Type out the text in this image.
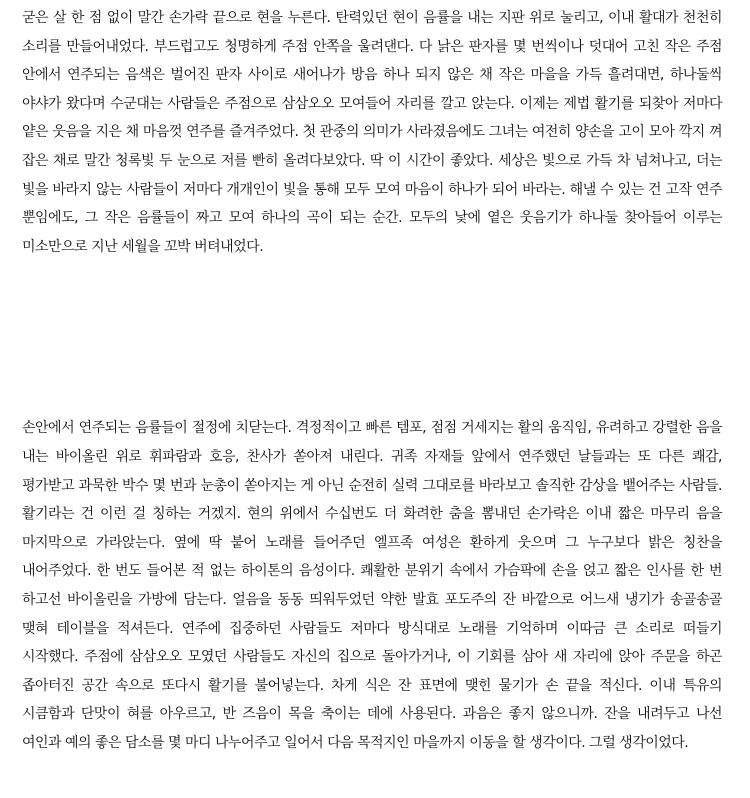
굳은 살 한 점 없이 말간 손가락 끝으로 현을 누른다. 탄력있던 현이 음률을 내는 지판 위로 눌리고, 이내 활대가 천천히 소리를 만들어내었다. 부드럽고도 청명하게 주점 안쪽을 울려댄다. 다 낡은 판자를 몇 번씩이나 덧대어 고친 작은 주점 안에서 연주되는 음색은 벌어진 판자 사이로 새어나가 방음 하나 되지 않은 채 작은 마을을 가득 흘려대면, 하나둘씩 야샤가 왔다며 수군대는 사람들은 주점으로 삼삼오오 모여들어 자리를 깔고 앉는다. 이제는 제법 활기를 되찾아 저마다 얕은 웃음을 지은 채 마음껏 연주를 즐겨주었다. 첫 관중의 의미가 사라졌음에도 그녀는 여전히 양손을 고이 모아 깍지 껴 잡은 채로 말간 청록빛 두 눈으로 저를 빤히 올려다보았다. 딱 이 시간이 좋았다. 세상은 빛으로 가득 차 넘쳐나고, 더는 빛을 바라지 않는 사람들이 저마다 개개인이 빛을 통해 모두 모여 마음이 하나가 되어 바라는. 해낼 수 있는 건 고작 연주 뿐임에도, 그 작은 음률들이 짜고 모여 하나의 곡이 되는 순간. 모두의 낯에 옅은 웃음기가 하나둘 찾아들어 이루는 미소만으로 지난 세월을 꼬박 버텨내었다.

손안에서 연주되는 음률들이 절정에 치닫는다. 격정적이고 빠른 템포, 점점 거세지는 활의 움직임, 유려하고 강렬한 음을 내는 바이올린 위로 휘파람과 호응, 찬사가 쏟아져 내린다. 귀족 자재들 앞에서 연주했던 날들과는 또 다른 쾌감, 평가받고 과묵한 박수 몇 번과 눈총이 쏟아지는 게 아닌 순전히 실력 그대로를 바라보고 솔직한 감상을 뱉어주는 사람들. 활기라는 건 이런 걸 칭하는 거겠지. 현의 위에서 수십번도 더 화려한 춤을 뽐내던 손가락은 이내 짧은 마무리 음을 마지막으로 가라앉는다. 옆에 딱 붙어 노래를 들어주던 엘프족 여성은 환하게 웃으며 그 누구보다 밝은 칭찬을 내어주었다. 한 번도 들어본 적 없는 하이톤의 음성이다. 쾌활한 분위기 속에서 가슴팍에 손을 얹고 짧은 인사를 한 번 하고선 바이올린을 가방에 담는다. 얼음을 동동 띄워두었던 약한 발효 포도주의 잔 바깥으로 어느새 냉기가 송골송골 맺혀 테이블을 적셔든다. 연주에 집중하던 사람들도 저마다 방식대로 노래를 기억하며 이따금 큰 소리로 떠들기 시작했다. 주점에 삼삼오오 모였던 사람들도 자신의 집으로 돌아가거나, 이 기회를 삼아 새 자리에 앉아 주문을 하곤 좁아터진 공간 속으로 또다시 활기를 불어넣는다. 차게 식은 잔 표면에 맺힌 물기가 손 끝을 적신다. 이내 특유의 시큼함과 단맛이 혀를 아우르고, 반 즈음이 목을 축이는 데에 사용된다. 과음은 좋지 않으니까. 잔을 내려두고 나선 여인과 예의 좋은 담소를 몇 마디 나누어주고 일어서 다음 목적지인 마을까지 이동을 할 생각이다. 그럴 생각이었다.
